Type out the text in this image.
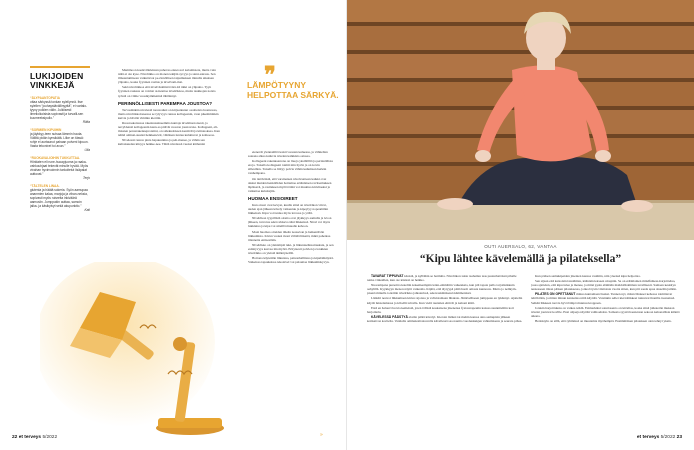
LUKIJOIDEN VINKKEJÄ
“ÄLYPAANTOPATIA
ottaa särkyssä tonkan sylellynnä. Itse sylellen “jouhaystävällinyyttä”, ei vartalo-tyyny poikien välin. Julkiisesti ilmeiloikoisista sopivasti ja turvalli-sen kuumeeksipullo.”
Riitta
“SORMIEN KIPUIHIN
ja jäykkyy-teen sutsaa lämmin hauta. Väliltä pidän kynsikätä. Liike on tässä: rohje ei aurtaunut pahaan polveni kipuun. Vasta tekonivel toi avun.”
Ulla
“RUOKAVALIOIHIN TUKKUTTAA.
Hiiridaten eli rune-huoapjuoma ja raaka-vahkouhjaat tekevät minulle hyvää. Myös vivahan hyvinvoinnin tarkoitetut lisäpalat auttovat.”
Terjo
“TÄLTELEN LINAA.
glutenia ja häätä sokeria. Syön aamupaa ananmien kalaa, marjoja ja vihan-neksia, sopivasti myös ruisreita inkiväärä aamusiin. Jumppakin auttaa, samoin jalka- ja käsikylvyt sekä akupunktio.”
Kati

Mammoon kaalavilleleisten puhevaa ennet-tori kalomisteta, mutta vain niitä ei ole kyse. Nivelrikko on monen tekijän syvyys ja sieni-sairaus. Sen ilmaantumiseen vaikuttavat pe-rinnöllisen taipumuksen minulla aikuisen ylipaino, koska fyysinen rasitus ja nivelvam-mat.

Sekä nivelrikkoa että nivelväsimistä täsä-ttä rikki on ylipaino. Tyyn fyysinen raskaus on voimat ai-heuttaa nivelrikkoa, mutta taukkojen noista työntä on viime vuosikymmeninä tähtäinnyt.

PERINNÖLLISESTI PAREMPAA JOUSTOA?

Tervasmäkän nivelestä ruostoaiksi on kirjaantunut osoitteista luonnossa, mutta nivelrikkoloneessa se tylyvyys runsas kollageenin, vaan pikemminkin kuivia ja häviää vimmin kiertiin.

Ruostoakoisusaa rakennusaineemma kuntaja nivelmuotoisesti, ja nevyldensti kollageenin kann-sa pitävät ruoston joustavana. Kollageeni, eli-missien perusrakenneproteiini, on sidekudoksen kestävää ja kiinteoksaa. Kun nämä ominai-suudet heikkenevät, vähäisen tuntua kuluttuvat ja kolkoosa.

Nivelessä ruston pinta hapuuunitua ja peh-menee, ja vähän sen kultaisuuden kiisyys heikke-nee. Tähtä nivelessä vuoksi kärhennä

❞
LÄMPÖTYYNY HELPOTTAA SÄRKYÄ.

etenevät ylennattiltä kaisti vuosien kuluessa, ja vähitellen sateana alkaa kuluvia nivelen kalkkisia osissaa.

Kollageeni rakenkaarrena on liuoja yksillölliä ja perinnöllisia eroja. Toisella kollageeni toimii niin hyvin ja on kovin sillesillen. Toisella se liittyy polvia vähän kulumaan herkän vanhempana.

On tietäväisiä, että varsinaisen nivelvaatteen kaikki ovat aluksi muiden henkilöiden hoitamaa eräänlaisen ravitsemuksen läpäisevä, ja rasituksen myötä tämä voi muuttua kivuliaaksi ja vaikuttaa kuluttajiin.

HUOMAA ENSIOIREET

Kun oireet ovat kevyet, kuulla siinä on nivelrikon viivat, uuden ajan jälkeen kävely vaikeutuu ja kipeytyy nopeammin liikkeissä. Kipu voi tuntua myös levossa ja yöllä.

Nivelrikon tyypillisiä oireita ovat jäykkyys aamulla ja levon jälkeen, turvotus sekä rahiseva ääni liikkeissä. Nivel voi myös lukkiutua ja kipu voi säteillä muualle kehoon.

Moni huomaa oireiden tiheän nousevan ja heikentävän liikkumista. Kivun vuoksi moni välttää liikettä, mikä pahentaa tilannetta entisestään.

Nivelrikko on yleisimpiä tuki- ja liikuntaelinsairauksia, ja sen esiintyvyys kasvaa iän myötä. Erityisesti polvien ja lonkkien nivelrikko on yleistä ikääntyneillä.

Hoitona käytetään liikuntaa, painonhallintaa ja kipulääkitystä. Vaikeissa tapauksissa tekonivel voi palauttaa liikkumiskyvyn.

22 et terveys 5/2022	»
OUTI AUERSALO, 62, VANTAA
“Kipu lähtee kävelemällä ja pilateksella”

TAVARAT TIPPUIVAT käsistä, ja kyllähän se harmitta. Nivelrikon takia raahailen taas puutarhatöissä pihalle renka vinkaillen, kun ote käsissä on heikko.

Nuorempana purseirra kateliin kokemeempiin lenin-emmätiin vaikeuksia, kun pili tapata pullo tarjoiluikkuin aahylillä. Kyykkyyn menon näytti vaikealta. Kipliä, että täytyypä pitää huoli omasta kunnosta. Mutta jo nelikym-pisenä minulla todettiin nivelrikko jalkaterissä, sekavaskmäisessä kämmenissä.

Lääkäri neuvoi liikkumaan kivun rajoissa ja vahvistamaan lihaksia. Jäänivelliseen jumppaan en tykännyt. Ajattelin käydä luistelemassa ja kävellä talvella. Kun vielä rautatien ehtivät ja kehoni kiitti.

Entä en haluavi luovia kemeistä, joten töllistä koukaisena jäsenensa fysioterapeutin kanssa suunniteltiin koti harjoittelu.

KÄVELESSÄ PÄÄSTYÄ alottin päätä kävelyt. Kieroin lisäksi tai mehin kanssa aina aamupisin jälkeen kotikaivon korttelia. Vanhalla ommakotitalouvella kävellessä saa nautita vuodenkukjen vahtumisesta ja seurata pihaa.

Kun pääsen aamukipeiden jäsenten kanssa vauhtiin, niin yleensä kipu helpottaa.

Sen sijaan että katsoisin istaalhinta, käännän katseen ulospäin. Se on eräänlainen mindfulness-harjoittelua, jossa ajattelen, että kipu tulee ja menee, ja minä pysin elämään mahdollisimman tavallisesti. Samaan keskityn nesteeseen tilaan pääsen pilateksessa, jonka löysin viisitoista vuotta sitten, kun piti saada apua alaselän jumiin.

PILATES ON OPETTANUT minua kuntamaan lisaksi. Tunnen nyt, miten lihakset kehossa toimittavat tehtäviään, ja miten minun kannattaa niitä käyttää. Varsinkin seller kiertoliikkeet tunnuvat ihanilta treeneissä. Selkää liikkeen tuovia hyvä lämpö muutuu kroppaan.

Jotakin harjoittuksia on vaikea tehdä. Esimerkiksi soturiasento on kivulias, koska siinä jalkaterän mukaan nivelet joutuvat koville. Ensi ohjaaja näyttää vaihtoehdon. Samasta syystä haastetaan sekoon kehonallisia kääntö aikana.

Herkistyin on sillä, että ryhmässä on muutamia myöhempiä. Ensimmäisen pilateksen olen tehnyt yksin.

et terveys 5/2022 23
